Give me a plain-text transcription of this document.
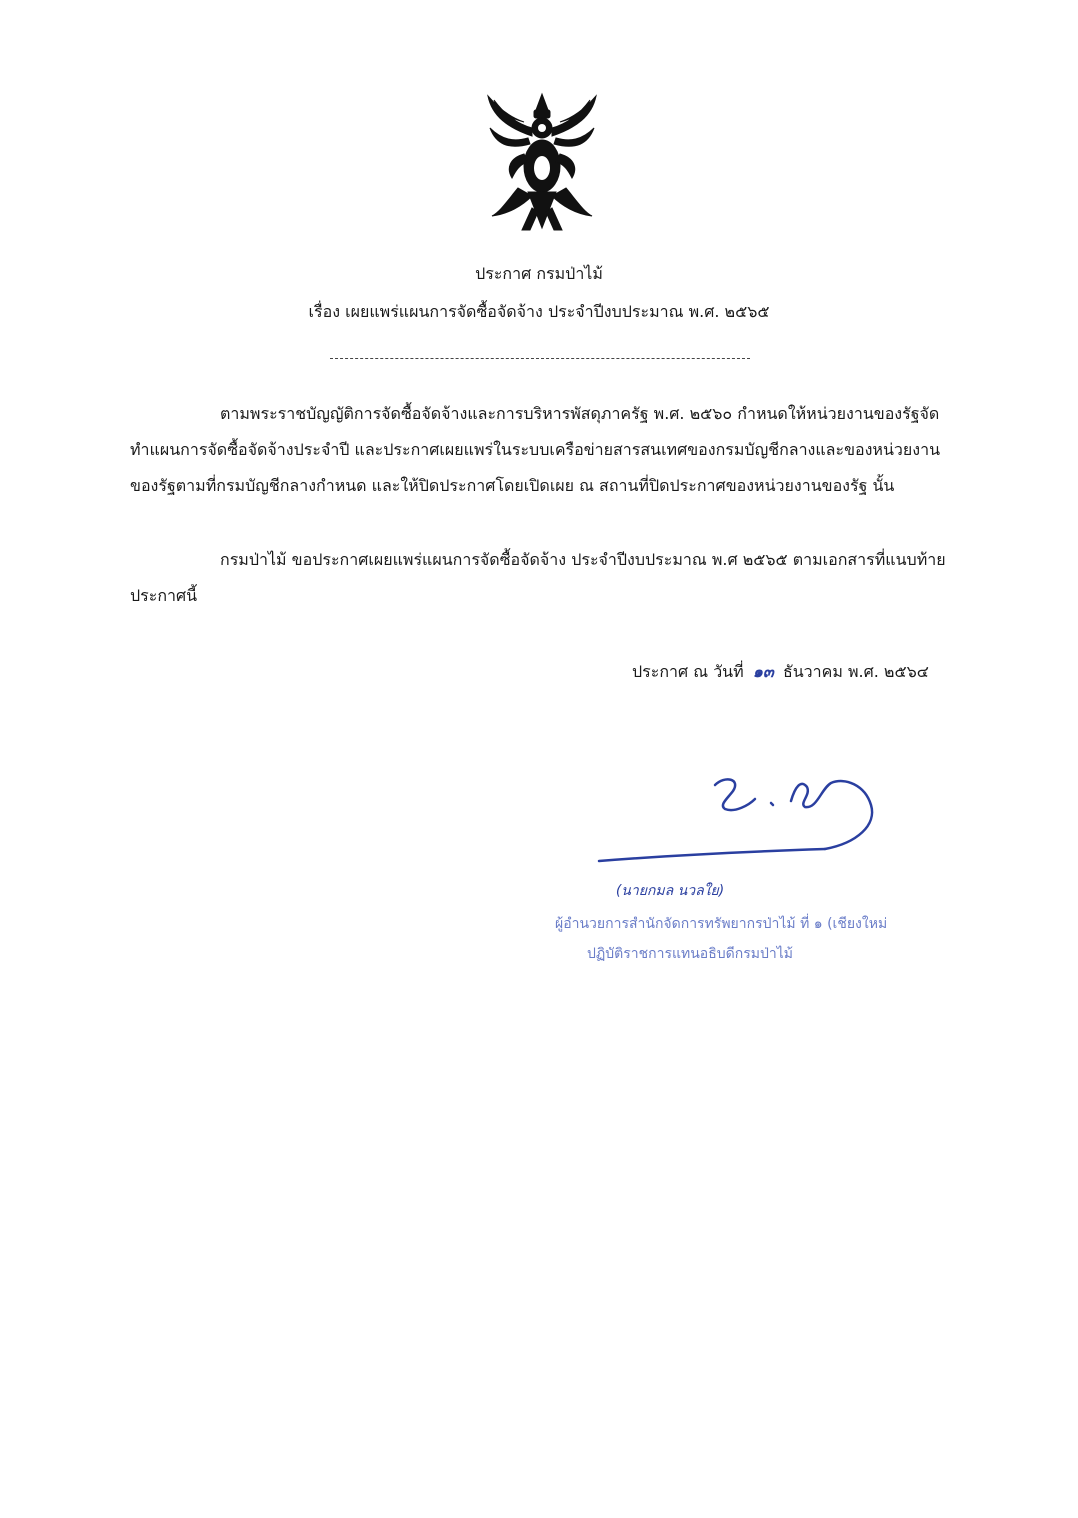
ประกาศ กรมป่าไม้
เรื่อง เผยแพร่แผนการจัดซื้อจัดจ้าง ประจำปีงบประมาณ พ.ศ. ๒๕๖๕
ตามพระราชบัญญัติการจัดซื้อจัดจ้างและการบริหารพัสดุภาครัฐ พ.ศ. ๒๕๖๐ กำหนดให้หน่วยงานของรัฐจัดทำแผนการจัดซื้อจัดจ้างประจำปี และประกาศเผยแพร่ในระบบเครือข่ายสารสนเทศของกรมบัญชีกลางและของหน่วยงานของรัฐตามที่กรมบัญชีกลางกำหนด และให้ปิดประกาศโดยเปิดเผย ณ สถานที่ปิดประกาศของหน่วยงานของรัฐ นั้น
กรมป่าไม้ ขอประกาศเผยแพร่แผนการจัดซื้อจัดจ้าง ประจำปีงบประมาณ พ.ศ ๒๕๖๕ ตามเอกสารที่แนบท้ายประกาศนี้
ประกาศ ณ วันที่ ๑๓ ธันวาคม พ.ศ. ๒๕๖๔
(นายกมล นวลใย)
ผู้อำนวยการสำนักจัดการทรัพยากรป่าไม้ ที่ ๑ (เชียงใหม่
ปฏิบัติราชการแทนอธิบดีกรมป่าไม้
